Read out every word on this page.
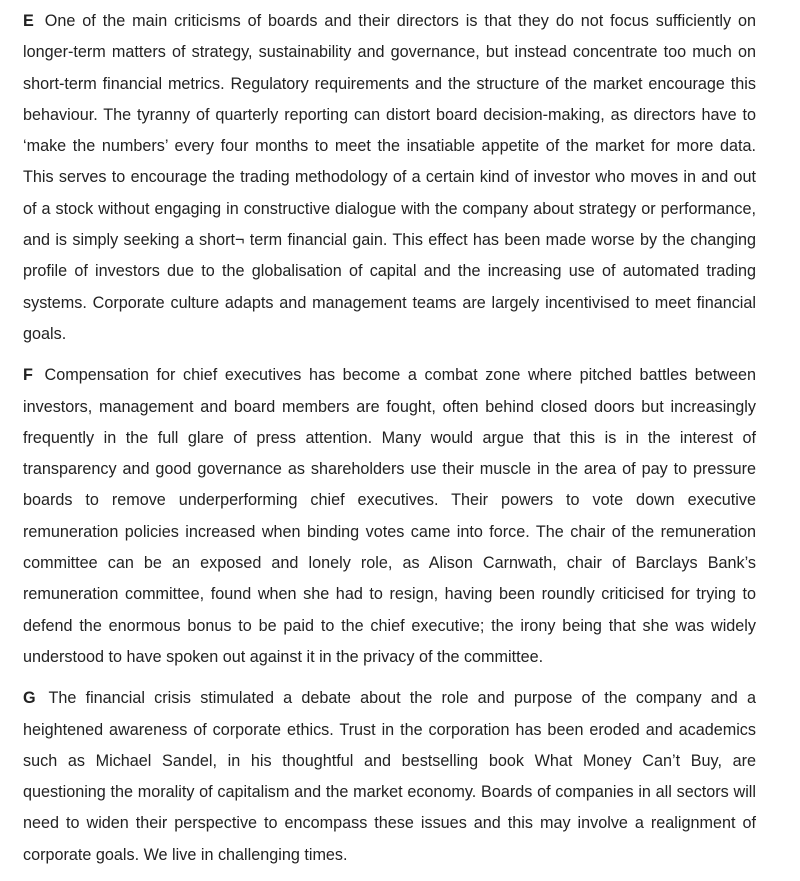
E One of the main criticisms of boards and their directors is that they do not focus sufficiently on longer-term matters of strategy, sustainability and governance, but instead concentrate too much on short-term financial metrics. Regulatory requirements and the structure of the market encourage this behaviour. The tyranny of quarterly reporting can distort board decision-making, as directors have to ‘make the numbers’ every four months to meet the insatiable appetite of the market for more data. This serves to encourage the trading methodology of a certain kind of investor who moves in and out of a stock without engaging in constructive dialogue with the company about strategy or performance, and is simply seeking a short¬ term financial gain. This effect has been made worse by the changing profile of investors due to the globalisation of capital and the increasing use of automated trading systems. Corporate culture adapts and management teams are largely incentivised to meet financial goals.

F Compensation for chief executives has become a combat zone where pitched battles between investors, management and board members are fought, often behind closed doors but increasingly frequently in the full glare of press attention. Many would argue that this is in the interest of transparency and good governance as shareholders use their muscle in the area of pay to pressure boards to remove underperforming chief executives. Their powers to vote down executive remuneration policies increased when binding votes came into force. The chair of the remuneration committee can be an exposed and lonely role, as Alison Carnwath, chair of Barclays Bank’s remuneration committee, found when she had to resign, having been roundly criticised for trying to defend the enormous bonus to be paid to the chief executive; the irony being that she was widely understood to have spoken out against it in the privacy of the committee.

G The financial crisis stimulated a debate about the role and purpose of the company and a heightened awareness of corporate ethics. Trust in the corporation has been eroded and academics such as Michael Sandel, in his thoughtful and bestselling book What Money Can’t Buy, are questioning the morality of capitalism and the market economy. Boards of companies in all sectors will need to widen their perspective to encompass these issues and this may involve a realignment of corporate goals. We live in challenging times.
